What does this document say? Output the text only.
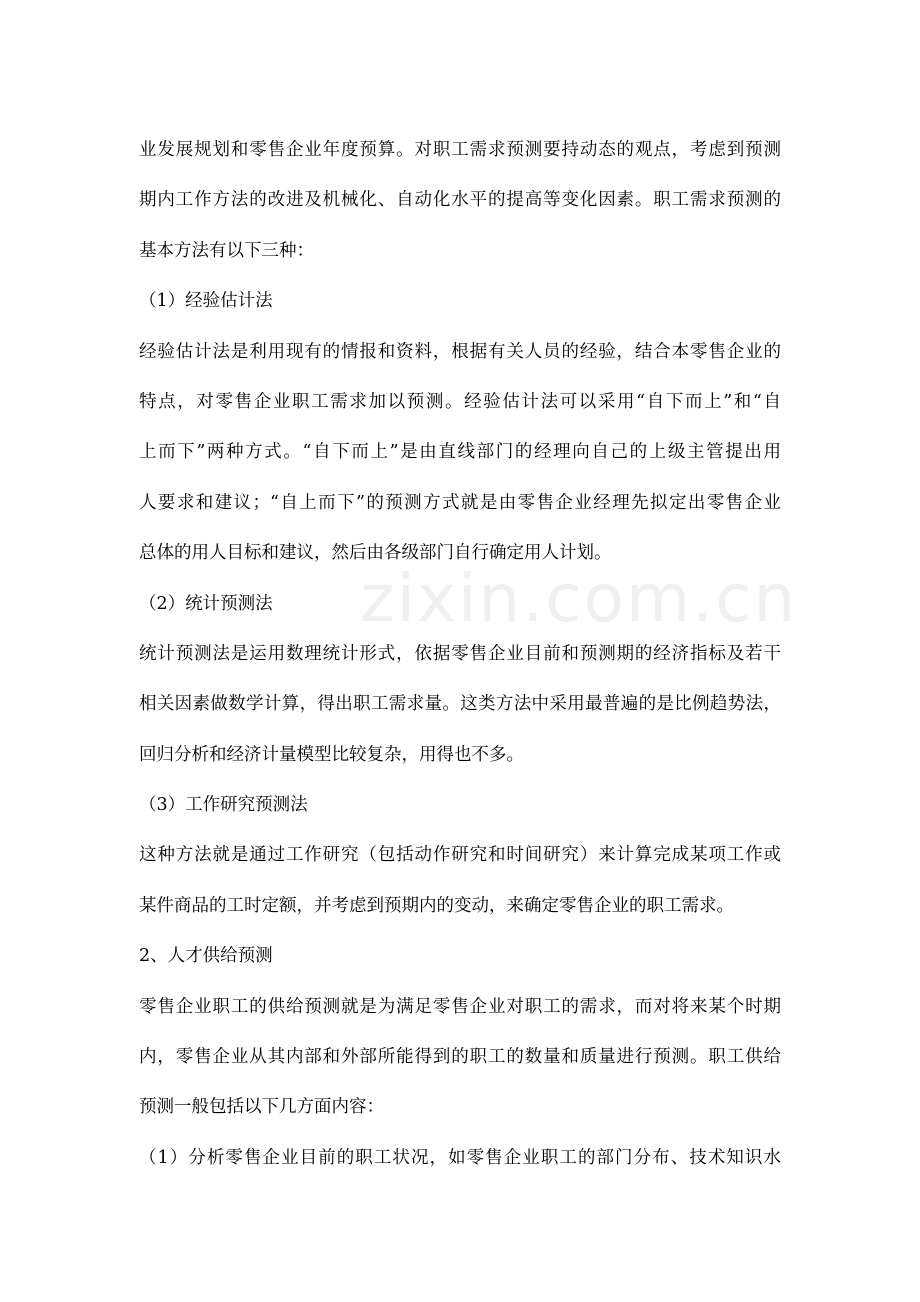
zixin.com.cn
业发展规划和零售企业年度预算。对职工需求预测要持动态的观点，考虑到预测
期内工作方法的改进及机械化、自动化水平的提高等变化因素。职工需求预测的
基本方法有以下三种：
（1）经验估计法
经验估计法是利用现有的情报和资料，根据有关人员的经验，结合本零售企业的
特点，对零售企业职工需求加以预测。经验估计法可以采用“自下而上”和“自
上而下”两种方式。“自下而上”是由直线部门的经理向自己的上级主管提出用
人要求和建议；“自上而下”的预测方式就是由零售企业经理先拟定出零售企业
总体的用人目标和建议，然后由各级部门自行确定用人计划。
（2）统计预测法
统计预测法是运用数理统计形式，依据零售企业目前和预测期的经济指标及若干
相关因素做数学计算，得出职工需求量。这类方法中采用最普遍的是比例趋势法，
回归分析和经济计量模型比较复杂，用得也不多。
（3）工作研究预测法
这种方法就是通过工作研究（包括动作研究和时间研究）来计算完成某项工作或
某件商品的工时定额，并考虑到预期内的变动，来确定零售企业的职工需求。
2、人才供给预测
零售企业职工的供给预测就是为满足零售企业对职工的需求，而对将来某个时期
内，零售企业从其内部和外部所能得到的职工的数量和质量进行预测。职工供给
预测一般包括以下几方面内容：
（1）分析零售企业目前的职工状况，如零售企业职工的部门分布、技术知识水
